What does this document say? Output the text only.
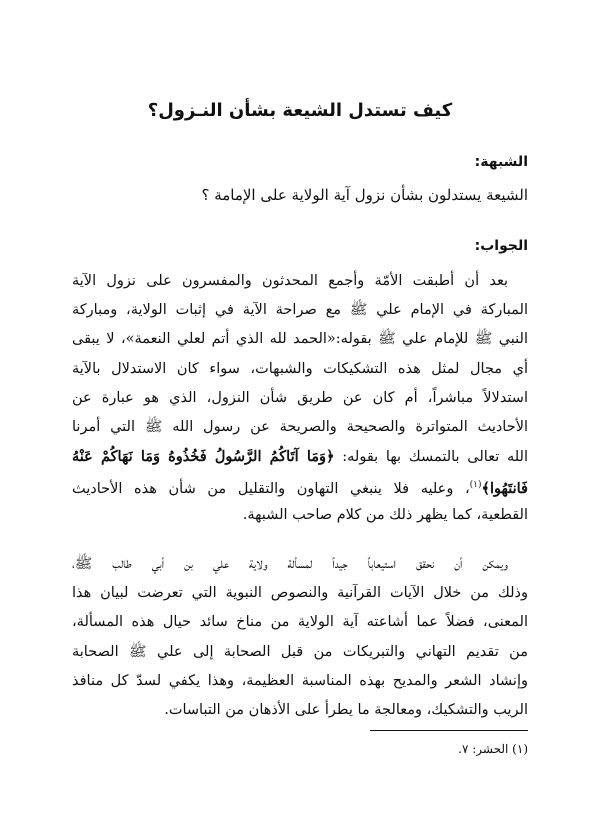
كيف تستدل الشيعة بشأن النـزول؟

الشبهة:

الشيعة يستدلون بشأن نزول آية الولاية على الإمامة ؟

الجواب:

بعد أن أطبقت الأمّة وأجمع المحدثون والمفسرون على نزول الآية
المباركة في الإمام علي ﷺ مع صراحة الآية في إثبات الولاية، ومباركة
النبي ﷺ للإمام علي ﷺ بقوله:«الحمد لله الذي أتم لعلي النعمة»، لا يبقى
أي مجال لمثل هذه التشكيكات والشبهات، سواء كان الاستدلال بالآية
استدلالاً مباشراً، أم كان عن طريق شأن النزول، الذي هو عبارة عن
الأحاديث المتواترة والصحيحة والصريحة عن رسول الله ﷺ التي أمرنا
الله تعالى بالتمسك بها بقوله: ﴿وَمَا آتَاكُمُ الرَّسُولُ فَخُذُوهُ وَمَا نَهَاكُمْ عَنْهُ
فَانتَهُوا﴾$^{(١)}$، وعليه فلا ينبغي التهاون والتقليل من شأن هذه الأحاديث
القطعية، كما يظهر ذلك من كلام صاحب الشبهة.
ويمكن أن نحقق استيعاباً جيداً لمسألة ولاية علي بن أبي طالب ﷺ،
وذلك من خلال الآيات القرآنية والنصوص النبوية التي تعرضت لبيان هذا
المعنى، فضلاً عما أشاعته آية الولاية من مناخ سائد حيال هذه المسألة،
من تقديم التهاني والتبريكات من قبل الصحابة إلى علي ﷺ الصحابة
وإنشاد الشعر والمديح بهذه المناسبة العظيمة، وهذا يكفي لسدّ كل منافذ
الريب والتشكيك، ومعالجة ما يطرأ على الأذهان من التباسات.

(١) الحشر: ٧.
